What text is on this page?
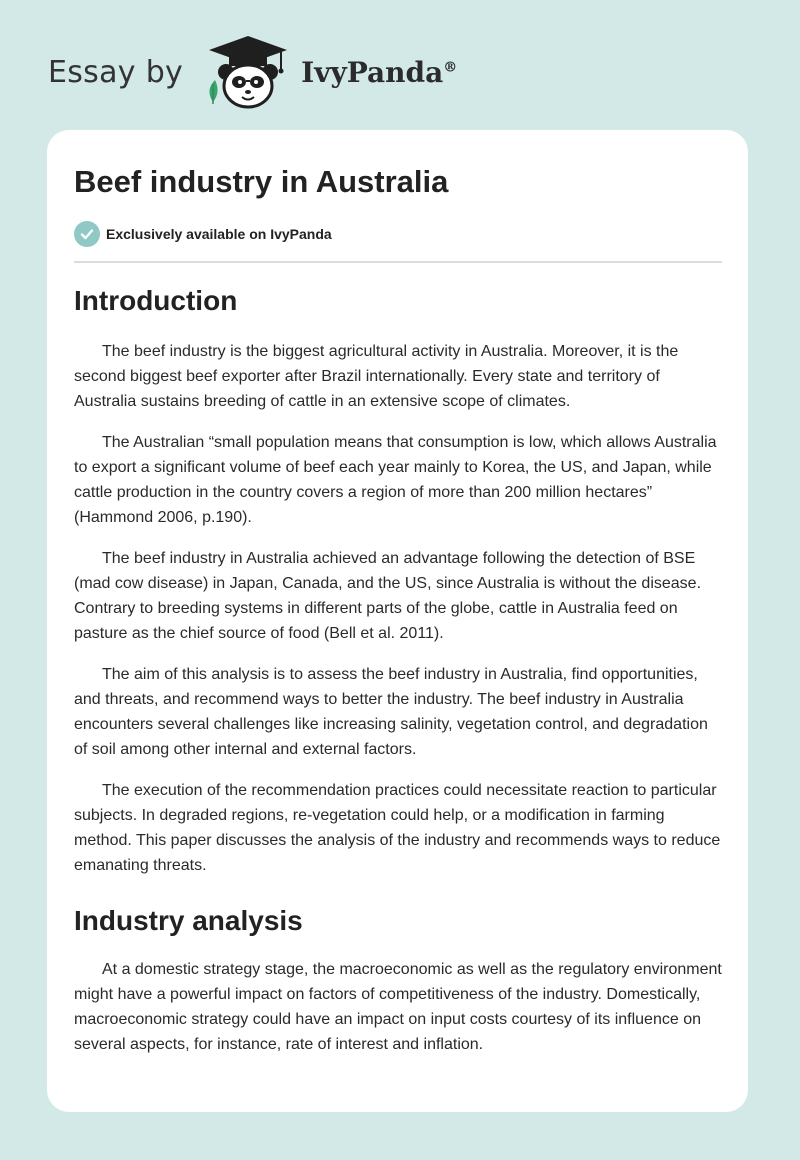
Essay by	IvyPanda®
Beef industry in Australia
Exclusively available on IvyPanda
Introduction

The beef industry is the biggest agricultural activity in Australia. Moreover, it is the second biggest beef exporter after Brazil internationally. Every state and territory of Australia sustains breeding of cattle in an extensive scope of climates.

The Australian “small population means that consumption is low, which allows Australia to export a significant volume of beef each year mainly to Korea, the US, and Japan, while cattle production in the country covers a region of more than 200 million hectares” (Hammond 2006, p.190).

The beef industry in Australia achieved an advantage following the detection of BSE (mad cow disease) in Japan, Canada, and the US, since Australia is without the disease. Contrary to breeding systems in different parts of the globe, cattle in Australia feed on pasture as the chief source of food (Bell et al. 2011).

The aim of this analysis is to assess the beef industry in Australia, find opportunities, and threats, and recommend ways to better the industry. The beef industry in Australia encounters several challenges like increasing salinity, vegetation control, and degradation of soil among other internal and external factors.

The execution of the recommendation practices could necessitate reaction to particular subjects. In degraded regions, re-vegetation could help, or a modification in farming method. This paper discusses the analysis of the industry and recommends ways to reduce emanating threats.

Industry analysis

At a domestic strategy stage, the macroeconomic as well as the regulatory environment might have a powerful impact on factors of competitiveness of the industry. Domestically, macroeconomic strategy could have an impact on input costs courtesy of its influence on several aspects, for instance, rate of interest and inflation.
